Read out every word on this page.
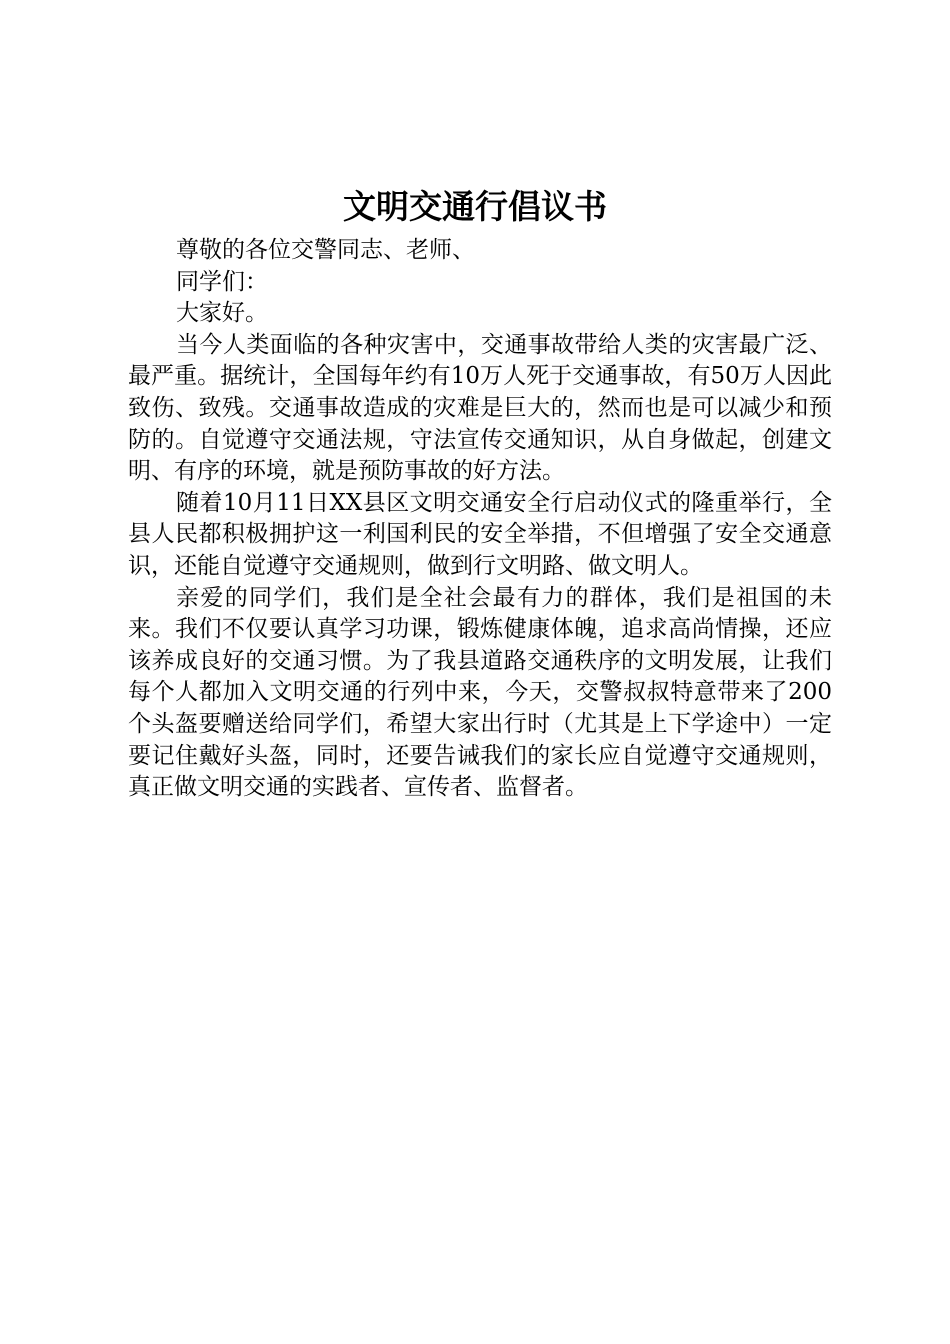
文明交通行倡议书

尊敬的各位交警同志、老师、

同学们：

大家好。

当今人类面临的各种灾害中，交通事故带给人类的灾害最广泛、最严重。据统计，全国每年约有10万人死于交通事故，有50万人因此致伤、致残。交通事故造成的灾难是巨大的，然而也是可以减少和预防的。自觉遵守交通法规，守法宣传交通知识，从自身做起，创建文明、有序的环境，就是预防事故的好方法。

随着10月11日XX县区文明交通安全行启动仪式的隆重举行，全县人民都积极拥护这一利国利民的安全举措，不但增强了安全交通意识，还能自觉遵守交通规则，做到行文明路、做文明人。

亲爱的同学们，我们是全社会最有力的群体，我们是祖国的未来。我们不仅要认真学习功课，锻炼健康体魄，追求高尚情操，还应该养成良好的交通习惯。为了我县道路交通秩序的文明发展，让我们每个人都加入文明交通的行列中来，今天，交警叔叔特意带来了200个头盔要赠送给同学们，希望大家出行时（尤其是上下学途中）一定要记住戴好头盔，同时，还要告诫我们的家长应自觉遵守交通规则，真正做文明交通的实践者、宣传者、监督者。
